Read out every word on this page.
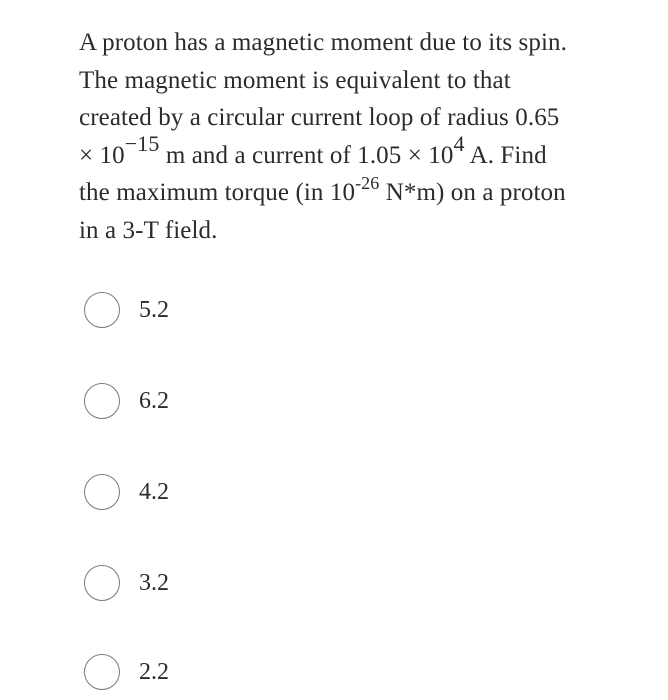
A proton has a magnetic moment due to its spin.
The magnetic moment is equivalent to that
created by a circular current loop of radius 0.65
× $10^{-15}$ m and a current of $1.05 \times 10^4$ A. Find
the maximum torque (in $10^{-26}$ N*m) on a proton
in a 3-T field.
5.2
6.2
4.2
3.2
2.2
